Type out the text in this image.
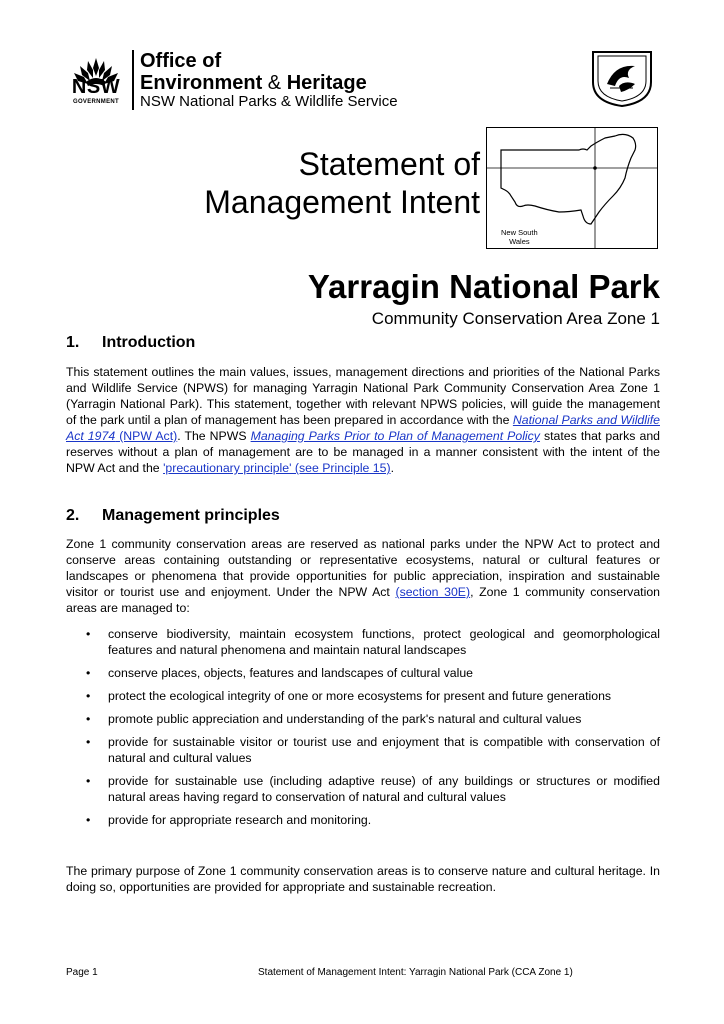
NSW
GOVERNMENT
Office of
Environment & Heritage
NSW National Parks & Wildlife Service
Statement of
Management Intent
New South
Wales
Yarragin National Park
Community Conservation Area Zone 1
1. Introduction
This statement outlines the main values, issues, management directions and priorities of the National Parks and Wildlife Service (NPWS) for managing Yarragin National Park Community Conservation Area Zone 1 (Yarragin National Park). This statement, together with relevant NPWS policies, will guide the management of the park until a plan of management has been prepared in accordance with the National Parks and Wildlife Act 1974 (NPW Act). The NPWS Managing Parks Prior to Plan of Management Policy states that parks and reserves without a plan of management are to be managed in a manner consistent with the intent of the NPW Act and the 'precautionary principle' (see Principle 15).
2. Management principles
Zone 1 community conservation areas are reserved as national parks under the NPW Act to protect and conserve areas containing outstanding or representative ecosystems, natural or cultural features or landscapes or phenomena that provide opportunities for public appreciation, inspiration and sustainable visitor or tourist use and enjoyment. Under the NPW Act (section 30E), Zone 1 community conservation areas are managed to:
• conserve biodiversity, maintain ecosystem functions, protect geological and geomorphological features and natural phenomena and maintain natural landscapes
• conserve places, objects, features and landscapes of cultural value
• protect the ecological integrity of one or more ecosystems for present and future generations
• promote public appreciation and understanding of the park's natural and cultural values
• provide for sustainable visitor or tourist use and enjoyment that is compatible with conservation of natural and cultural values
• provide for sustainable use (including adaptive reuse) of any buildings or structures or modified natural areas having regard to conservation of natural and cultural values
• provide for appropriate research and monitoring.
The primary purpose of Zone 1 community conservation areas is to conserve nature and cultural heritage. In doing so, opportunities are provided for appropriate and sustainable recreation.
Page 1	Statement of Management Intent: Yarragin National Park (CCA Zone 1)
